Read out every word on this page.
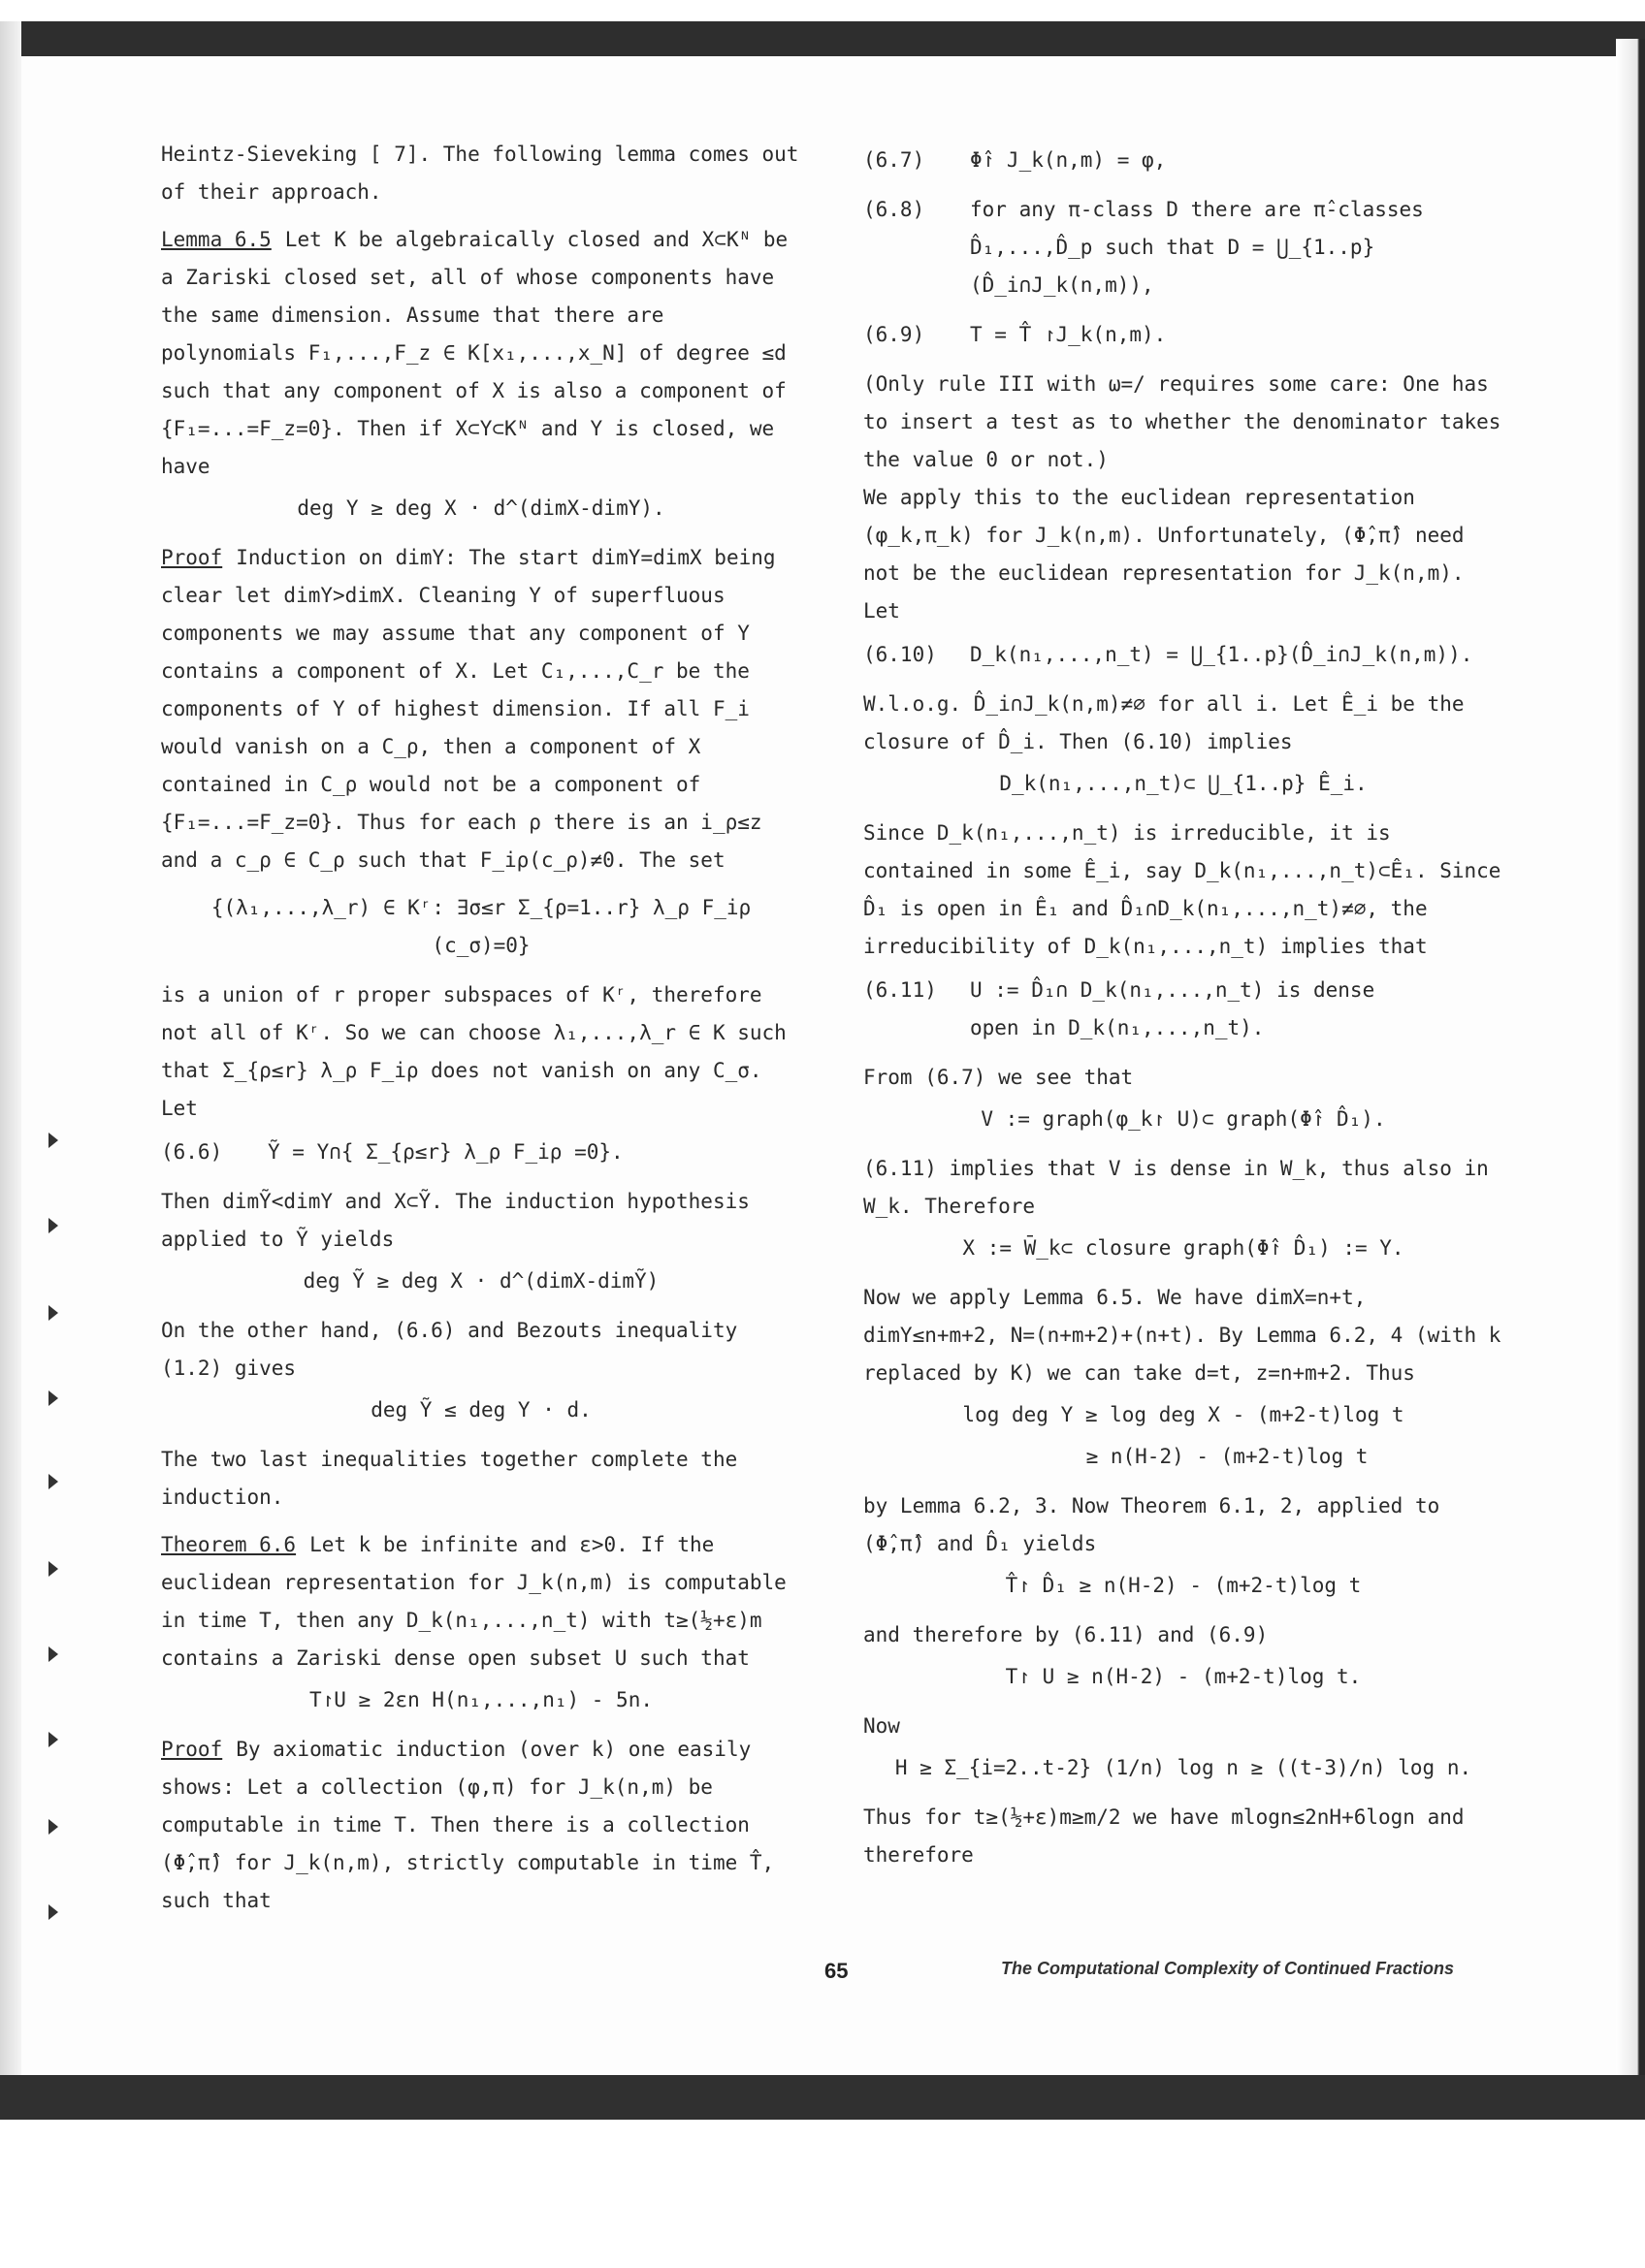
Heintz-Sieveking [ 7]. The following lemma comes out of their approach.

Lemma 6.5 Let K be algebraically closed and X⊂Kᴺ be a Zariski closed set, all of whose components have the same dimension. Assume that there are polynomials F₁,...,F_z ∈ K[x₁,...,x_N] of degree ≤d such that any component of X is also a component of {F₁=...=F_z=0}. Then if X⊂Y⊂Kᴺ and Y is closed, we have

deg Y ≥ deg X · d^(dimX-dimY).

Proof Induction on dimY: The start dimY=dimX being clear let dimY>dimX. Cleaning Y of superfluous components we may assume that any component of Y contains a component of X. Let C₁,...,C_r be the components of Y of highest dimension. If all F_i would vanish on a C_ρ, then a component of X contained in C_ρ would not be a component of {F₁=...=F_z=0}. Thus for each ρ there is an i_ρ≤z and a c_ρ ∈ C_ρ such that F_iρ(c_ρ)≠0. The set

{(λ₁,...,λ_r) ∈ Kʳ: ∃σ≤r Σ_{ρ=1..r} λ_ρ F_iρ (c_σ)=0}

is a union of r proper subspaces of Kʳ, therefore not all of Kʳ. So we can choose λ₁,...,λ_r ∈ K such that Σ_{ρ≤r} λ_ρ F_iρ does not vanish on any C_σ. Let

(6.6)	Ỹ = Y∩{ Σ_{ρ≤r} λ_ρ F_iρ =0}.

Then dimỸ<dimY and X⊂Ỹ. The induction hypothesis applied to Ỹ yields

deg Ỹ ≥ deg X · d^(dimX-dimỸ)

On the other hand, (6.6) and Bezouts inequality (1.2) gives

deg Ỹ ≤ deg Y · d.

The two last inequalities together complete the induction.

Theorem 6.6 Let k be infinite and ε>0. If the euclidean representation for J_k(n,m) is computable in time T, then any D_k(n₁,...,n_t) with t≥(½+ε)m contains a Zariski dense open subset U such that

T↾U ≥ 2εn H(n₁,...,n₁) - 5n.

Proof By axiomatic induction (over k) one easily shows: Let a collection (φ,π) for J_k(n,m) be computable in time T. Then there is a collection (Φ̂,π̂) for J_k(n,m), strictly computable in time T̂, such that

(6.7)	Φ̂↾ J_k(n,m) = φ,
(6.8)	for any π-class D there are π̂-classes D̂₁,...,D̂_p such that D = ⋃_{1..p}(D̂_i∩J_k(n,m)),
(6.9)	T = T̂ ↾J_k(n,m).

(Only rule III with ω=/ requires some care: One has to insert a test as to whether the denominator takes the value 0 or not.)

We apply this to the euclidean representation (φ_k,π_k) for J_k(n,m). Unfortunately, (Φ̂,π̂) need not be the euclidean representation for J_k(n,m). Let

(6.10)	D_k(n₁,...,n_t) = ⋃_{1..p}(D̂_i∩J_k(n,m)).

W.l.o.g. D̂_i∩J_k(n,m)≠∅ for all i. Let Ê_i be the closure of D̂_i. Then (6.10) implies

D_k(n₁,...,n_t)⊂ ⋃_{1..p} Ê_i.

Since D_k(n₁,...,n_t) is irreducible, it is contained in some Ê_i, say D_k(n₁,...,n_t)⊂Ê₁. Since D̂₁ is open in Ê₁ and D̂₁∩D_k(n₁,...,n_t)≠∅, the irreducibility of D_k(n₁,...,n_t) implies that

(6.11)	U := D̂₁∩ D_k(n₁,...,n_t) is dense
open in D_k(n₁,...,n_t).

From (6.7) we see that

V := graph(φ_k↾ U)⊂ graph(Φ̂↾ D̂₁).

(6.11) implies that V is dense in W_k, thus also in W_k. Therefore

X := W̄_k⊂ closure graph(Φ̂↾ D̂₁) := Y.

Now we apply Lemma 6.5. We have dimX=n+t, dimY≤n+m+2, N=(n+m+2)+(n+t). By Lemma 6.2, 4 (with k replaced by K) we can take d=t, z=n+m+2. Thus

log deg Y ≥ log deg X - (m+2-t)log t
≥ n(H-2) - (m+2-t)log t

by Lemma 6.2, 3. Now Theorem 6.1, 2, applied to (Φ̂,π̂) and D̂₁ yields

T̂↾ D̂₁ ≥ n(H-2) - (m+2-t)log t

and therefore by (6.11) and (6.9)

T↾ U ≥ n(H-2) - (m+2-t)log t.

Now

H ≥ Σ_{i=2..t-2} (1/n) log n ≥ ((t-3)/n) log n.

Thus for t≥(½+ε)m≥m/2 we have mlogn≤2nH+6logn and therefore

65	The Computational Complexity of Continued Fractions
